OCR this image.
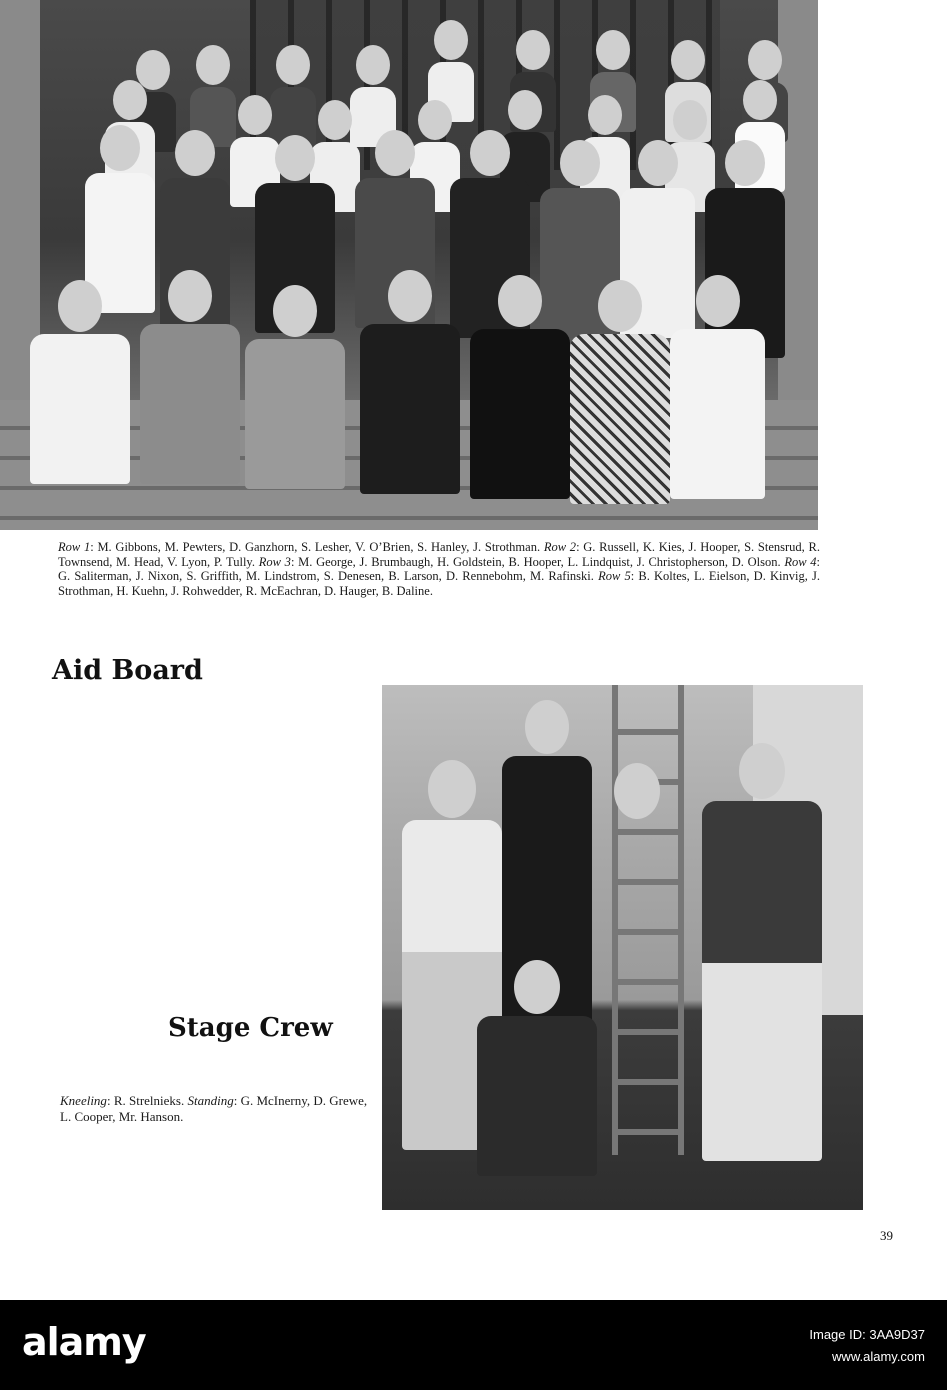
Row 1: M. Gibbons, M. Pewters, D. Ganzhorn, S. Lesher, V. O’Brien, S. Hanley, J. Strothman. Row 2: G. Russell, K. Kies, J. Hooper, S. Stensrud, R. Townsend, M. Head, V. Lyon, P. Tully. Row 3: M. George, J. Brumbaugh, H. Goldstein, B. Hooper, L. Lindquist, J. Christopherson, D. Olson. Row 4: G. Saliterman, J. Nixon, S. Griffith, M. Lindstrom, S. Denesen, B. Larson, D. Rennebohm, M. Rafinski. Row 5: B. Koltes, L. Eielson, D. Kinvig, J. Strothman, H. Kuehn, J. Rohwedder, R. McEachran, D. Hauger, B. Daline.
Aid Board
Stage Crew
Kneeling: R. Strelnieks. Standing: G. McInerny, D. Grewe, L. Cooper, Mr. Hanson.
39
alamy	Image ID: 3AA9D37
www.alamy.com
